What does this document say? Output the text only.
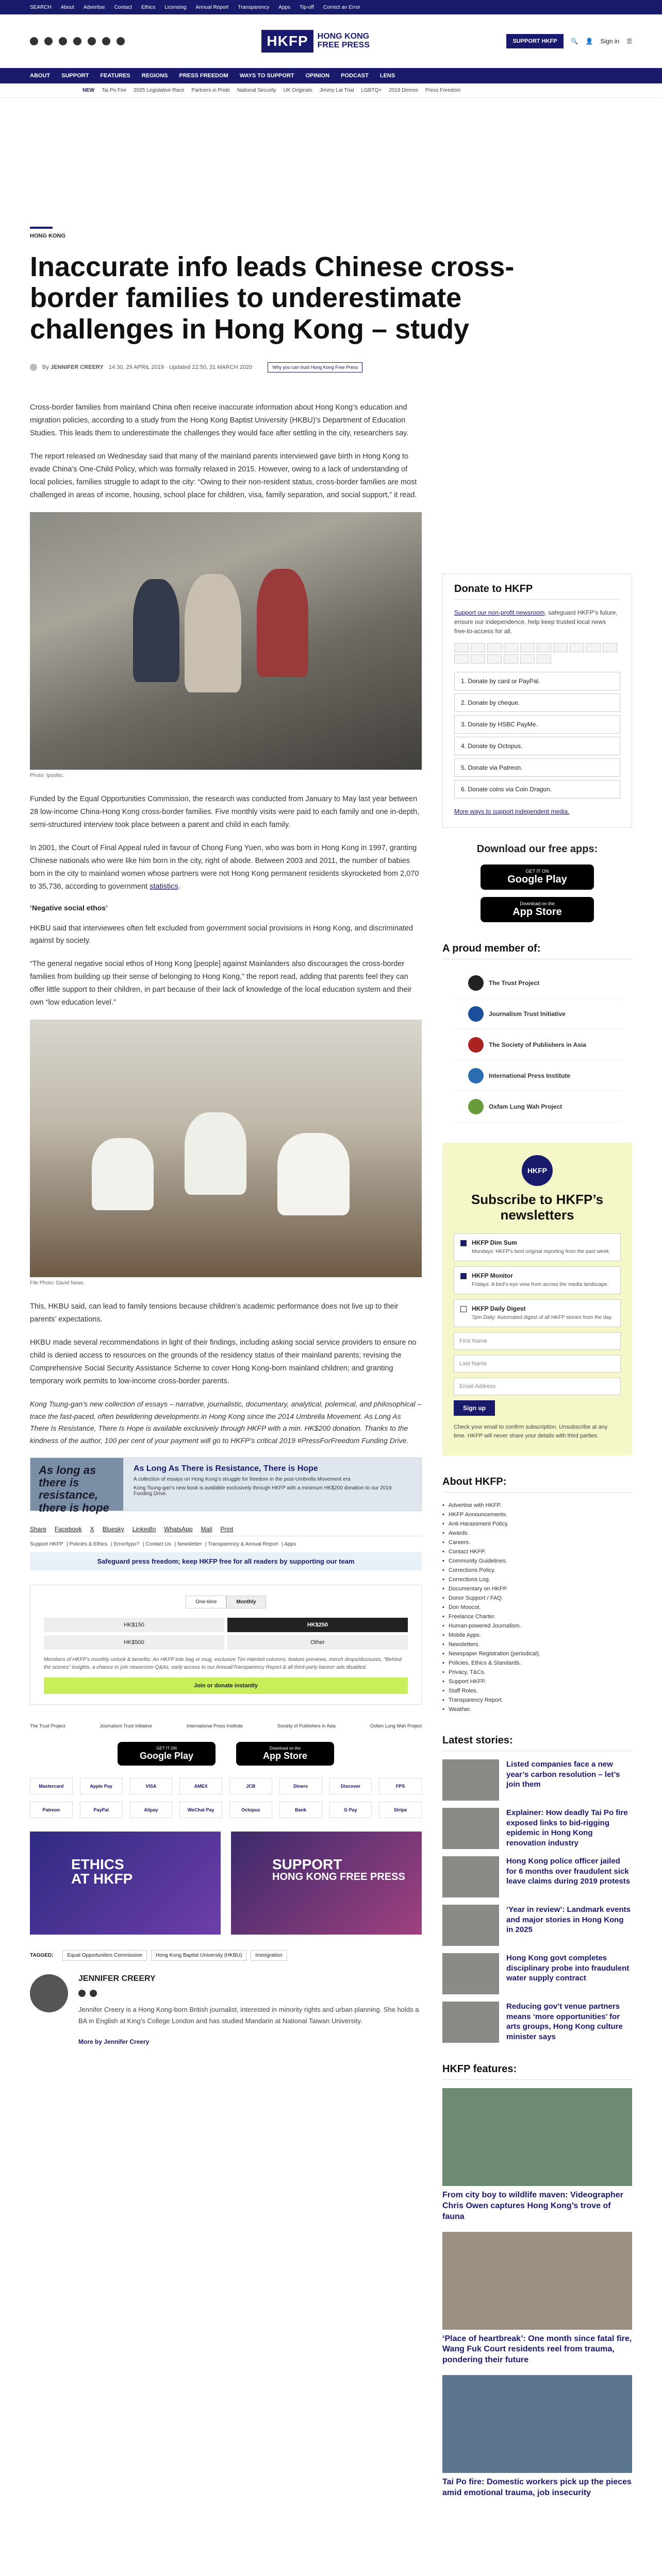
SEARCH About Advertise Contact Ethics Licensing Annual Report Transparency Apps Tip-off Correct an Error
HKFP	HONG KONG
FREE PRESS	SUPPORT HKFP	🔍 👤 Sign in ☰
ABOUT SUPPORT FEATURES REGIONS PRESS FREEDOM WAYS TO SUPPORT OPINION PODCAST LENS
NEW Tai Po Fire 2025 Legislative Race Partners in Pride National Security UK Originals Jimmy Lai Trial LGBTQ+ 2019 Demos Press Freedom
HONG KONG
Inaccurate info leads Chinese cross-border families to underestimate challenges in Hong Kong – study
By JENNIFER CREERY 14:30, 29 APRIL 2019 · Updated 22:50, 31 MARCH 2020	Why you can trust Hong Kong Free Press

Cross-border families from mainland China often receive inaccurate information about Hong Kong’s education and migration policies, according to a study from the Hong Kong Baptist University (HKBU)’s Department of Education Studies. This leads them to underestimate the challenges they would face after settling in the city, researchers say.

The report released on Wednesday said that many of the mainland parents interviewed gave birth in Hong Kong to evade China’s One-Child Policy, which was formally relaxed in 2015. However, owing to a lack of understanding of local policies, families struggle to adapt to the city: “Owing to their non-resident status, cross-border families are most challenged in areas of income, housing, school place for children, visa, family separation, and social support,” it read.

Photo: Ipoolbc.

Funded by the Equal Opportunities Commission, the research was conducted from January to May last year between 28 low-income China-Hong Kong cross-border families. Five monthly visits were paid to each family and one in-depth, semi-structured interview took place between a parent and child in each family.

In 2001, the Court of Final Appeal ruled in favour of Chong Fung Yuen, who was born in Hong Kong in 1997, granting Chinese nationals who were like him born in the city, right of abode. Between 2003 and 2011, the number of babies born in the city to mainland women whose partners were not Hong Kong permanent residents skyrocketed from 2,070 to 35,736, according to government statistics.

‘Negative social ethos’

HKBU said that interviewees often felt excluded from government social provisions in Hong Kong, and discriminated against by society.

“The general negative social ethos of Hong Kong [people] against Mainlanders also discourages the cross-border families from building up their sense of belonging to Hong Kong,” the report read, adding that parents feel they can offer little support to their children, in part because of their lack of knowledge of the local education system and their own “low education level.”

File Photo: David News.

This, HKBU said, can lead to family tensions because children’s academic performance does not live up to their parents’ expectations.

HKBU made several recommendations in light of their findings, including asking social service providers to ensure no child is denied access to resources on the grounds of the residency status of their mainland parents; revising the Comprehensive Social Security Assistance Scheme to cover Hong Kong-born mainland children; and granting temporary work permits to low-income cross-border parents.

Kong Tsung-gan’s new collection of essays – narrative, journalistic, documentary, analytical, polemical, and philosophical – trace the fast-paced, often bewildering developments in Hong Kong since the 2014 Umbrella Movement. As Long As There Is Resistance, There Is Hope is available exclusively through HKFP with a min. HK$200 donation. Thanks to the kindness of the author, 100 per cent of your payment will go to HKFP’s critical 2019 #PressForFreedom Funding Drive.
As long as there is resistance, there is hope
As Long As There is Resistance, There is Hope
A collection of essays on Hong Kong’s struggle for freedom in the post-Umbrella Movement era
Kong Tsung-gan’s new book is available exclusively through HKFP with a minimum HK$200 donation to our 2019 Funding Drive.
Share Facebook X Bluesky LinkedIn WhatsApp Mail Print
Support HKFP | Policies & Ethics | Error/typo? | Contact Us | Newsletter | Transparency & Annual Report | Apps
Safeguard press freedom; keep HKFP free for all readers by supporting our team
One-time	Monthly
HK$150	HK$250
HK$500	Other
Members of HKFP’s monthly unlock & benefits: An HKFP tote bag or mug, exclusive Tim Hamlett columns, feature previews, merch drops/discounts, “Behind the scenes” insights, a chance to join newsroom Q&As, early access to our Annual/Transparency Report & all third-party banner ads disabled.
Join or donate instantly
The Trust Project	Journalism Trust Initiative	International Press Institute	Society of Publishers in Asia	Oxfam Lung Wah Project
GET IT ON
Google Play
Download on the
App Store
Mastercard	Apple Pay	VISA	AMEX	JCB	Diners	Discover	FPS
Patreon	PayPal	Alipay	WeChat Pay	Octopus	Bank	G Pay	Stripe
ETHICS
AT HKFP
SUPPORT
HONG KONG FREE PRESS
TAGGED:	Equal Opportunities Commission	Hong Kong Baptist University (HKBU)	Immigration
JENNIFER CREERY

Jennifer Creery is a Hong Kong-born British journalist, interested in minority rights and urban planning. She holds a BA in English at King’s College London and has studied Mandarin at National Taiwan University.

More by Jennifer Creery
Donate to HKFP
Support our non-profit newsroom, safeguard HKFP’s future, ensure our independence, help keep trusted local news free-to-access for all.
1. Donate by card or PayPal.
2. Donate by cheque.
3. Donate by HSBC PayMe.
4. Donate by Octopus.
5. Donate via Patreon.
6. Donate coins via Coin Dragon.
More ways to support independent media.
Download our free apps:
GET IT ON
Google Play
Download on the
App Store
A proud member of:
The Trust Project
Journalism Trust Initiative
The Society of Publishers in Asia
International Press Institute
Oxfam Lung Wah Project
HKFP
Subscribe to HKFP’s newsletters
HKFP Dim Sum
Mondays: HKFP’s best original reporting from the past week.
HKFP Monitor
Fridays: A bird’s-eye view from across the media landscape.
HKFP Daily Digest
7pm Daily: Automated digest of all HKFP stories from the day.
First Name
Last Name
Email Address
Sign up
Check your email to confirm subscription. Unsubscribe at any time. HKFP will never share your details with third parties.
About HKFP:
• Advertise with HKFP.
• HKFP Announcements.
• Anti-Harassment Policy.
• Awards.
• Careers.
• Contact HKFP.
• Community Guidelines.
• Corrections Policy.
• Corrections Log.
• Documentary on HKFP.
• Donor Support / FAQ.
• Don Moocot.
• Freelance Charter.
• Human-powered Journalism.
• Mobile Apps.
• Newsletters.
• Newspaper Registration (periodical).
• Policies, Ethics & Standards.
• Privacy, T&Cs.
• Support HKFP.
• Staff Roles.
• Transparency Report.
• Weather.
Latest stories:

Listed companies face a new year’s carbon resolution – let’s join them

Explainer: How deadly Tai Po fire exposed links to bid-rigging epidemic in Hong Kong renovation industry

Hong Kong police officer jailed for 6 months over fraudulent sick leave claims during 2019 protests

‘Year in review’: Landmark events and major stories in Hong Kong in 2025

Hong Kong govt completes disciplinary probe into fraudulent water supply contract

Reducing gov’t venue partners means ‘more opportunities’ for arts groups, Hong Kong culture minister says

HKFP features:

From city boy to wildlife maven: Videographer Chris Owen captures Hong Kong’s trove of fauna

‘Place of heartbreak’: One month since fatal fire, Wang Fuk Court residents reel from trauma, pondering their future

Tai Po fire: Domestic workers pick up the pieces amid emotional trauma, job insecurity
